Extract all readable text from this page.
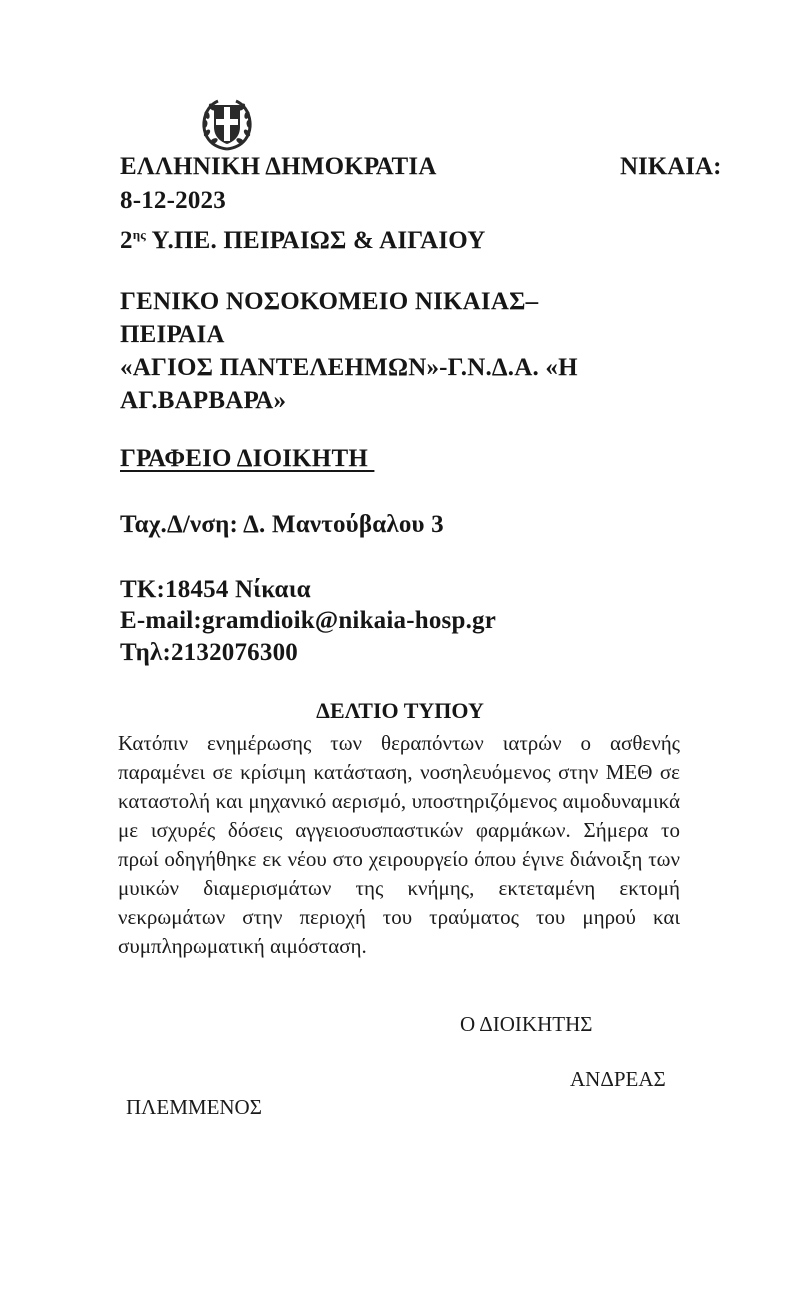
ΕΛΛΗΝΙΚΗ ΔΗΜΟΚΡΑΤΙΑ	ΝΙΚΑΙΑ:
8-12-2023
$2^{\eta\varsigma}$ Υ.ΠΕ. ΠΕΙΡΑΙΩΣ & ΑΙΓΑΙΟΥ
ΓΕΝΙΚΟ ΝΟΣΟΚΟΜΕΙΟ ΝΙΚΑΙΑΣ–
ΠΕΙΡΑΙΑ
«ΑΓΙΟΣ ΠΑΝΤΕΛΕΗΜΩΝ»-Γ.Ν.Δ.Α. «Η
ΑΓ.ΒΑΡΒΑΡΑ»
ΓΡΑΦΕΙΟ ΔΙΟΙΚΗΤΗ
Ταχ.Δ/νση: Δ. Μαντούβαλου 3
ΤΚ:18454 Νίκαια
E-mail:gramdioik@nikaia-hosp.gr
Τηλ:2132076300
ΔΕΛΤΙΟ ΤΥΠΟΥ
Κατόπιν ενημέρωσης των θεραπόντων ιατρών ο ασθενής παραμένει σε κρίσιμη κατάσταση, νοσηλευόμενος στην ΜΕΘ σε καταστολή και μηχανικό αερισμό, υποστηριζόμενος αιμοδυναμικά με ισχυρές δόσεις αγγειοσυσπαστικών φαρμάκων. Σήμερα το πρωί οδηγήθηκε εκ νέου στο χειρουργείο όπου έγινε διάνοιξη των μυικών διαμερισμάτων της κνήμης, εκτεταμένη εκτομή νεκρωμάτων στην περιοχή του τραύματος του μηρού και συμπληρωματική αιμόσταση.
Ο ΔΙΟΙΚΗΤΗΣ
ΑΝΔΡΕΑΣ
ΠΛΕΜΜΕΝΟΣ
